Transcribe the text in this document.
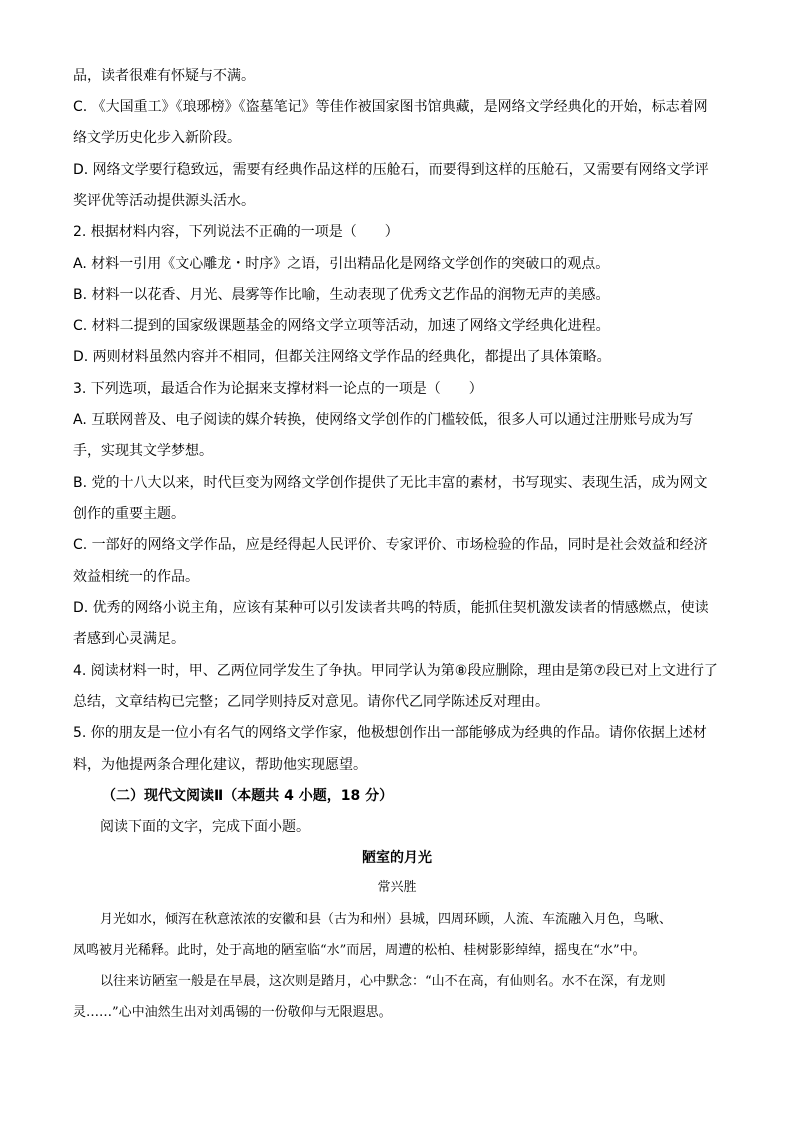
品，读者很难有怀疑与不满。
C. 《大国重工》《琅琊榜》《盗墓笔记》等佳作被国家图书馆典藏，是网络文学经典化的开始，标志着网
络文学历史化步入新阶段。
D. 网络文学要行稳致远，需要有经典作品这样的压舱石，而要得到这样的压舱石，又需要有网络文学评
奖评优等活动提供源头活水。
2. 根据材料内容，下列说法不正确的一项是（　　）
A. 材料一引用《文心雕龙・时序》之语，引出精品化是网络文学创作的突破口的观点。
B. 材料一以花香、月光、晨雾等作比喻，生动表现了优秀文艺作品的润物无声的美感。
C. 材料二提到的国家级课题基金的网络文学立项等活动，加速了网络文学经典化进程。
D. 两则材料虽然内容并不相同，但都关注网络文学作品的经典化，都提出了具体策略。
3. 下列选项，最适合作为论据来支撑材料一论点的一项是（　　）
A. 互联网普及、电子阅读的媒介转换，使网络文学创作的门槛较低，很多人可以通过注册账号成为写
手，实现其文学梦想。
B. 党的十八大以来，时代巨变为网络文学创作提供了无比丰富的素材，书写现实、表现生活，成为网文
创作的重要主题。
C. 一部好的网络文学作品，应是经得起人民评价、专家评价、市场检验的作品，同时是社会效益和经济
效益相统一的作品。
D. 优秀的网络小说主角，应该有某种可以引发读者共鸣的特质，能抓住契机激发读者的情感燃点，使读
者感到心灵满足。
4. 阅读材料一时，甲、乙两位同学发生了争执。甲同学认为第⑧段应删除，理由是第⑦段已对上文进行了
总结，文章结构已完整；乙同学则持反对意见。请你代乙同学陈述反对理由。
5. 你的朋友是一位小有名气的网络文学作家，他极想创作出一部能够成为经典的作品。请你依据上述材
料，为他提两条合理化建议，帮助他实现愿望。
（二）现代文阅读Ⅱ（本题共 4 小题，18 分）
阅读下面的文字，完成下面小题。
陋室的月光
常兴胜
月光如水，倾泻在秋意浓浓的安徽和县（古为和州）县城，四周环顾，人流、车流融入月色，鸟啾、
凤鸣被月光稀释。此时，处于高地的陋室临“水”而居，周遭的松柏、桂树影影绰绰，摇曳在“水”中。
以往来访陋室一般是在早晨，这次则是踏月，心中默念：“山不在高，有仙则名。水不在深，有龙则
灵……”心中油然生出对刘禹锡的一份敬仰与无限遐思。
